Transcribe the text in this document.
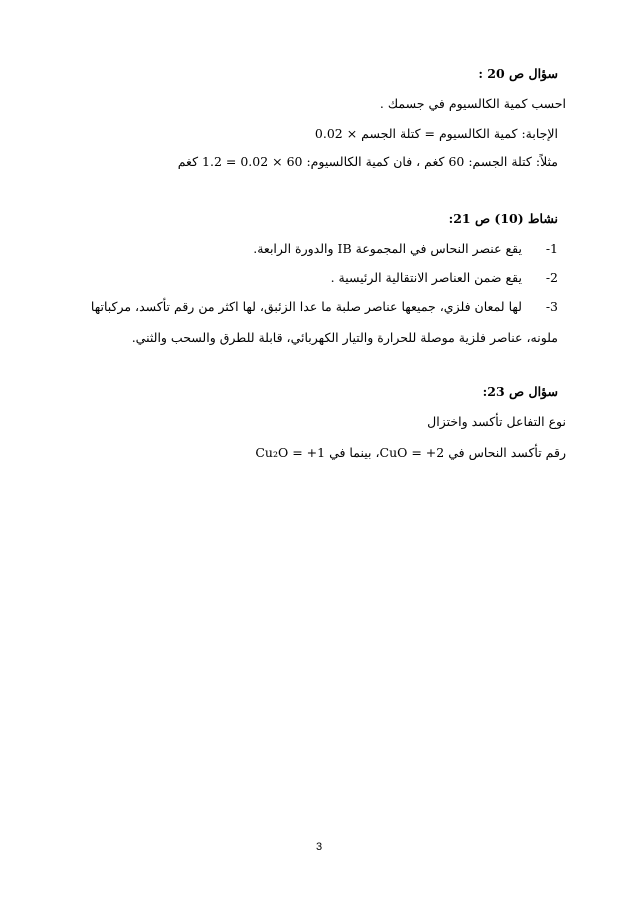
سؤال ص 20 :
احسب كمية الكالسيوم في جسمك .
الإجابة: كمية الكالسيوم = كتلة الجسم × 0.02
مثلاً: كتلة الجسم: 60 كغم ، فان كمية الكالسيوم: 60 × 0.02 = 1.2 كغم
نشاط (10) ص 21:
1-      يقع عنصر النحاس في المجموعة IB والدورة الرابعة.
2-      يقع ضمن العناصر الانتقالية الرئيسية .
3-      لها لمعان فلزي، جميعها عناصر صلبة ما عدا الزئبق، لها اكثر من رقم تأكسد، مركباتها
ملونه، عناصر فلزية موصلة للحرارة والتيار الكهربائي، قابلة للطرق والسحب والثني.
سؤال ص 23:
نوع التفاعل تأكسد واختزال
رقم تأكسد النحاس في CuO = +2، بينما في Cu₂O = +1
3
